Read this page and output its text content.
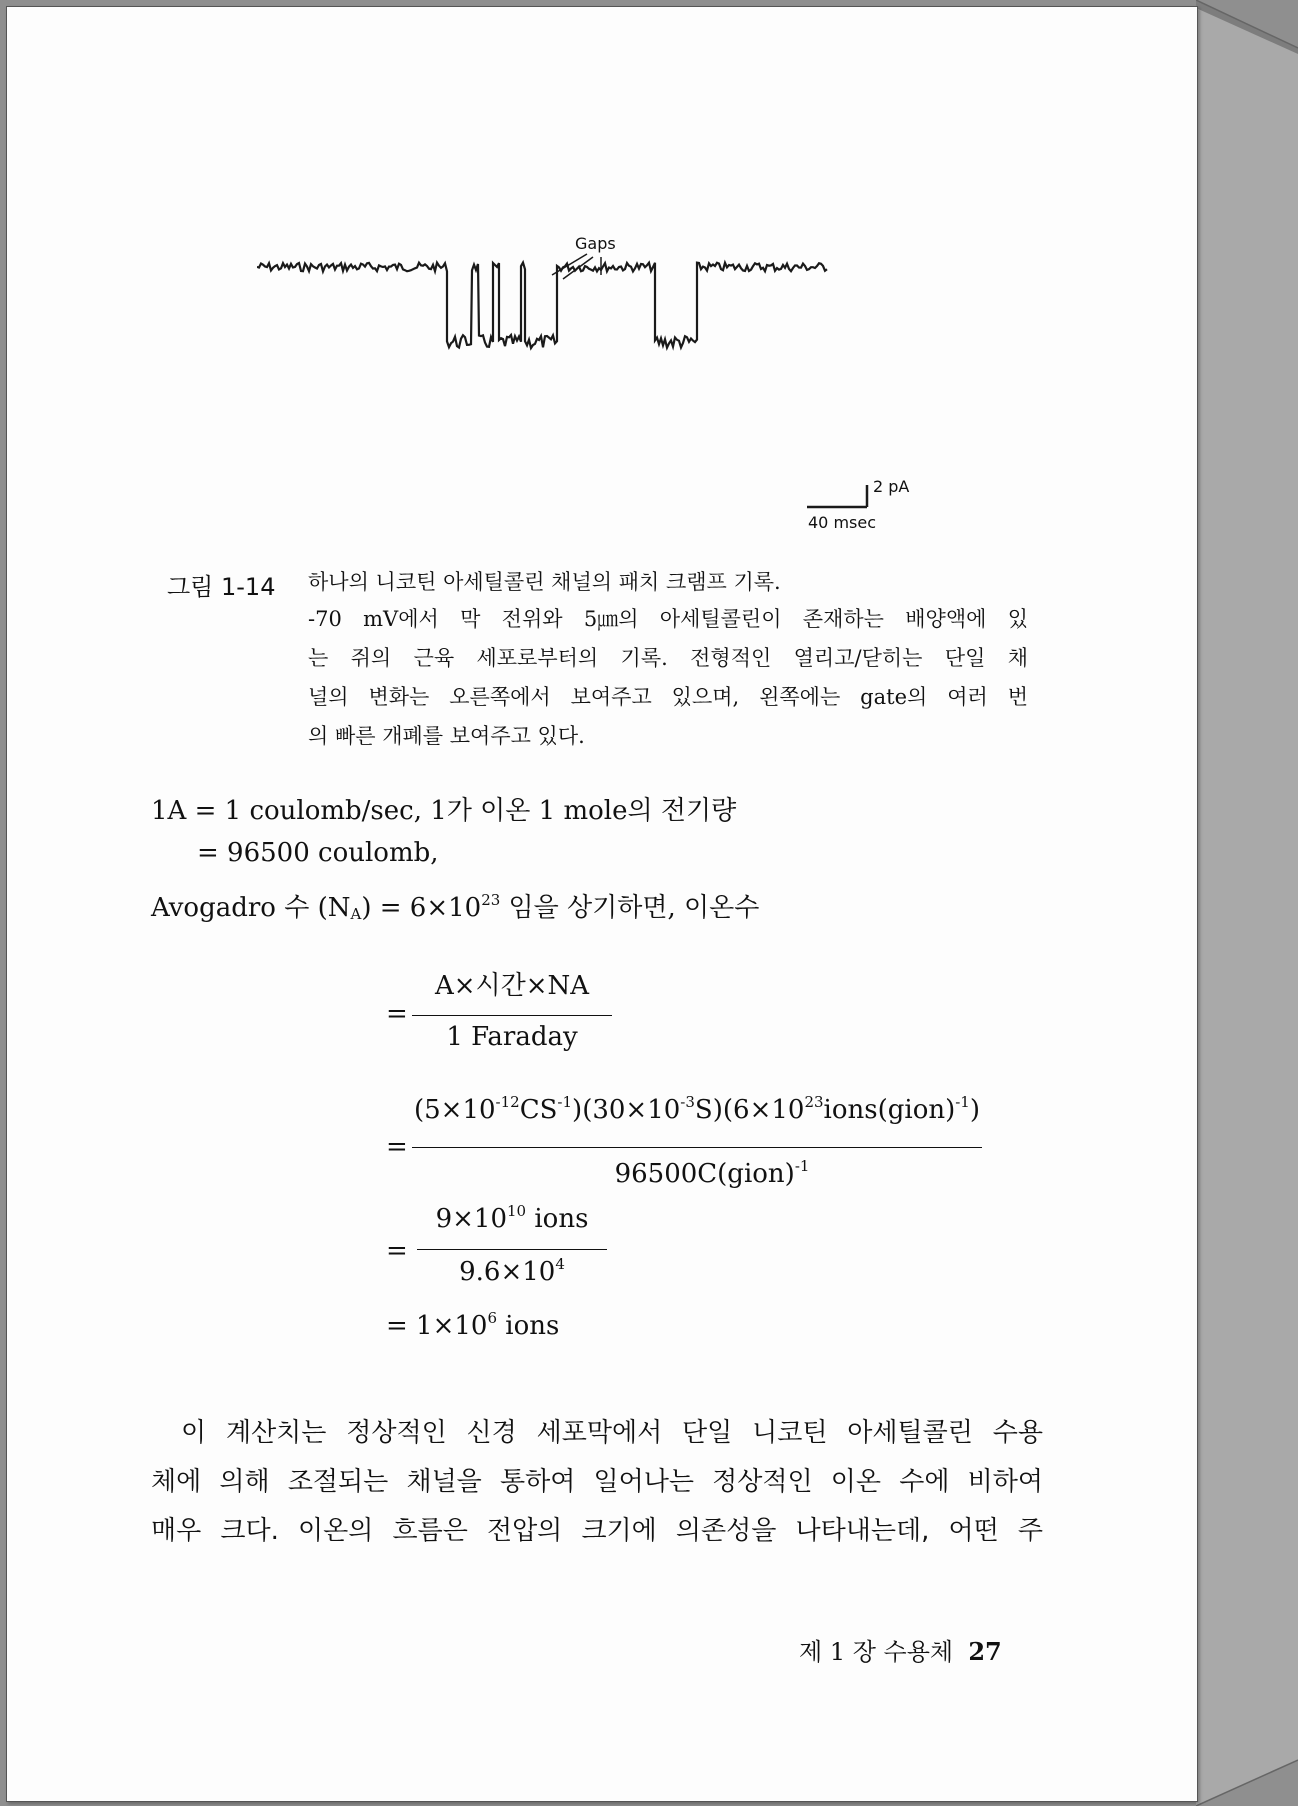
Gaps
2 pA
40 msec
그림 1-14 하나의 니코틴 아세틸콜린 채널의 패치 크램프 기록.
-70 mV에서 막 전위와 5㎛의 아세틸콜린이 존재하는 배양액에 있
는 쥐의 근육 세포로부터의 기록. 전형적인 열리고/닫히는 단일 채
널의 변화는 오른쪽에서 보여주고 있으며, 왼쪽에는 gate의 여러 번
의 빠른 개폐를 보여주고 있다.
1A = 1 coulomb/sec, 1가 이온 1 mole의 전기량
= 96500 coulomb,
Avogadro 수 $(N_A) = 6\times 10^{23}$ 임을 상기하면, 이온수
=
A×시간×NA
1 Faraday
=
$(5\times 10^{-12}CS^{-1})(30\times 10^{-3}S)(6\times 10^{23}ions(gion)^{-1})$
96500C(gion)$^{-1}$
=
$9\times 10^{10}$ ions
$9.6\times 10^4$
= $1\times 10^6$ ions
이 계산치는 정상적인 신경 세포막에서 단일 니코틴 아세틸콜린 수용
체에 의해 조절되는 채널을 통하여 일어나는 정상적인 이온 수에 비하여
매우 크다. 이온의 흐름은 전압의 크기에 의존성을 나타내는데, 어떤 주
제 1 장 수용체 27
